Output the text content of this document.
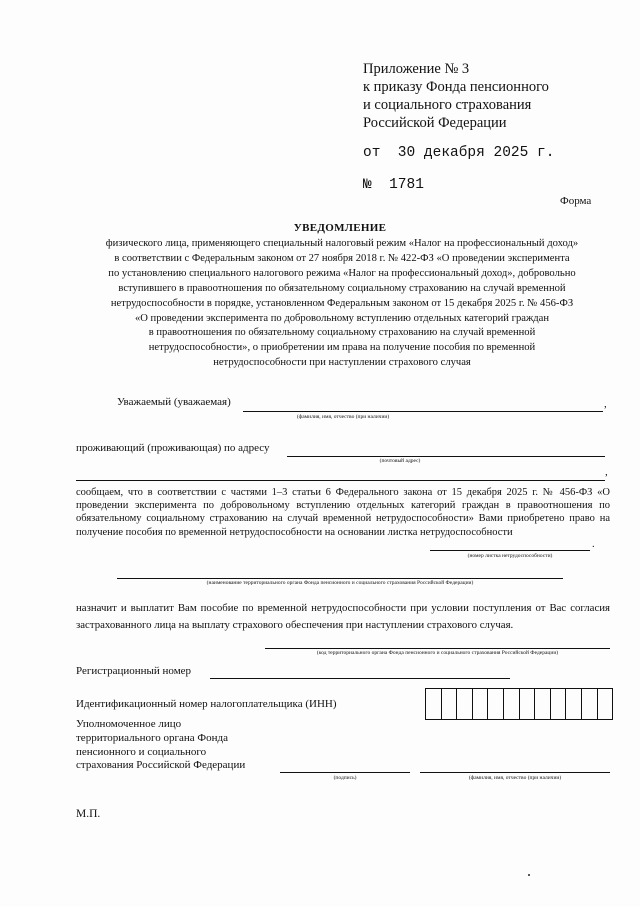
Приложение № 3
к приказу Фонда пенсионного
и социального страхования
Российской Федерации
от  30 декабря 2025 г.
№  1781
Форма
УВЕДОМЛЕНИЕ
физического лица, применяющего специальный налоговый режим «Налог на профессиональный доход»
в соответствии с Федеральным законом от 27 ноября 2018 г. № 422-ФЗ «О проведении эксперимента
по установлению специального налогового режима «Налог на профессиональный доход», добровольно
вступившего в правоотношения по обязательному социальному страхованию на случай временной
нетрудоспособности в порядке, установленном Федеральным законом от 15 декабря 2025 г. № 456-ФЗ
«О проведении эксперимента по добровольному вступлению отдельных категорий граждан
в правоотношения по обязательному социальному страхованию на случай временной
нетрудоспособности», о приобретении им права на получение пособия по временной
нетрудоспособности при наступлении страхового случая
Уважаемый (уважаемая)	,
(фамилия, имя, отчество (при наличии)
проживающий (проживающая) по адресу
(почтовый адрес)
,
сообщаем, что в соответствии с частями 1–3 статьи 6 Федерального закона от 15 декабря 2025 г. № 456-ФЗ «О проведении эксперимента по добровольному вступлению отдельных категорий граждан в правоотношения по обязательному социальному страхованию на случай временной нетрудоспособности» Вами приобретено право на получение пособия по временной нетрудоспособности на основании листка нетрудоспособности
.
(номер листка нетрудоспособности)
(наименование территориального органа Фонда пенсионного и социального страхования Российской Федерации)
назначит и выплатит Вам пособие по временной нетрудоспособности при условии поступления от Вас согласия застрахованного лица на выплату страхового обеспечения при наступлении страхового случая.
(код территориального органа Фонда пенсионного и социального страхования Российской Федерации)
Регистрационный номер
Идентификационный номер налогоплательщика (ИНН)
Уполномоченное лицо
территориального органа Фонда
пенсионного и социального
страхования Российской Федерации
(подпись)	(фамилия, имя, отчество (при наличии)
М.П.
